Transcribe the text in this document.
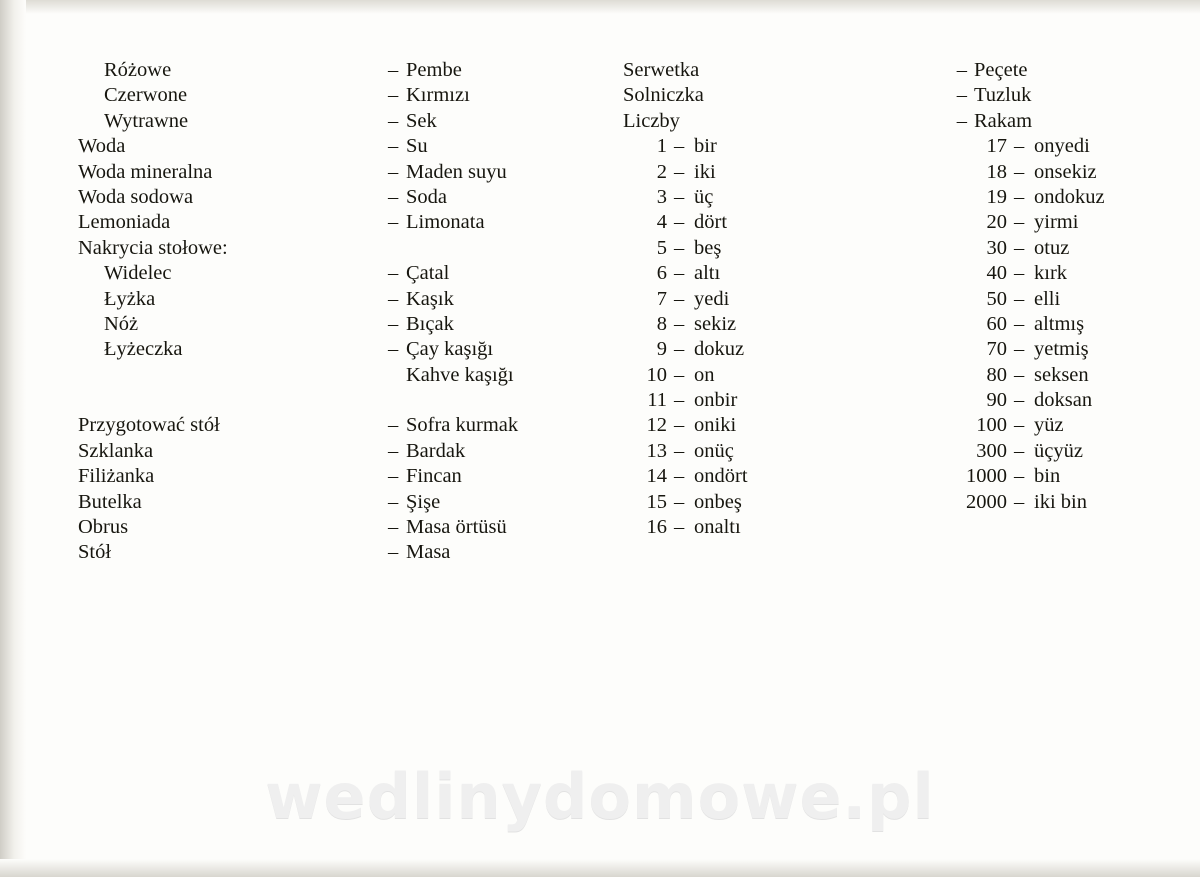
Różowe
Czerwone
Wytrawne
Woda
Woda mineralna
Woda sodowa
Lemoniada
Nakrycia stołowe:
Widelec
Łyżka
Nóż
Łyżeczka

Przygotować stół
Szklanka
Filiżanka
Butelka
Obrus
Stół
– Pembe
– Kırmızı
– Sek
– Su
– Maden suyu
– Soda
– Limonata

– Çatal
– Kaşık
– Bıçak
– Çay kaşığı
Kahve kaşığı
– Sofra kurmak
– Bardak
– Fincan
– Şişe
– Masa örtüsü
– Masa
Serwetka
Solniczka
Liczby
1 – bir
2 – iki
3 – üç
4 – dört
5 – beş
6 – altı
7 – yedi
8 – sekiz
9 – dokuz
10 – on
11 – onbir
12 – oniki
13 – onüç
14 – ondört
15 – onbeş
16 – onaltı
– Peçete
– Tuzluk
– Rakam
17 – onyedi
18 – onsekiz
19 – ondokuz
20 – yirmi
30 – otuz
40 – kırk
50 – elli
60 – altmış
70 – yetmiş
80 – seksen
90 – doksan
100 – yüz
300 – üçyüz
1000 – bin
2000 – iki bin
wedlinydomowe.pl
